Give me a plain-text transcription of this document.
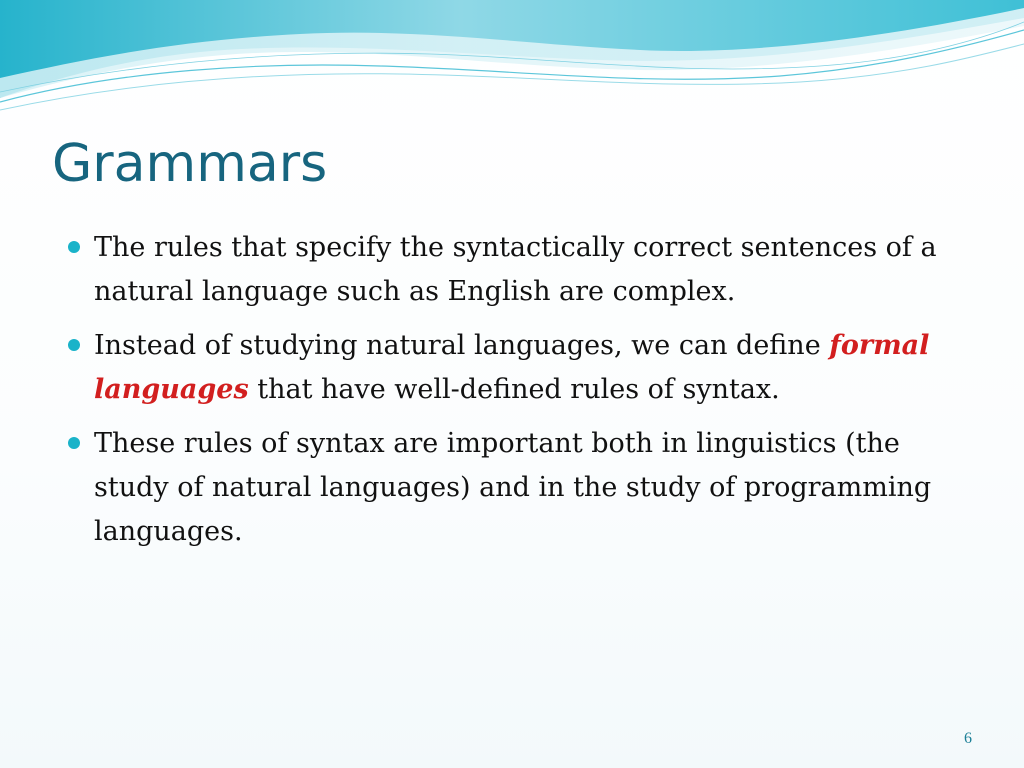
Grammars
The rules that specify the syntactically correct sentences of a natural language such as English are complex.
Instead of studying natural languages, we can define formal languages that have well-defined rules of syntax.
These rules of syntax are important both in linguistics (the study of natural languages) and in the study of programming languages.
6
